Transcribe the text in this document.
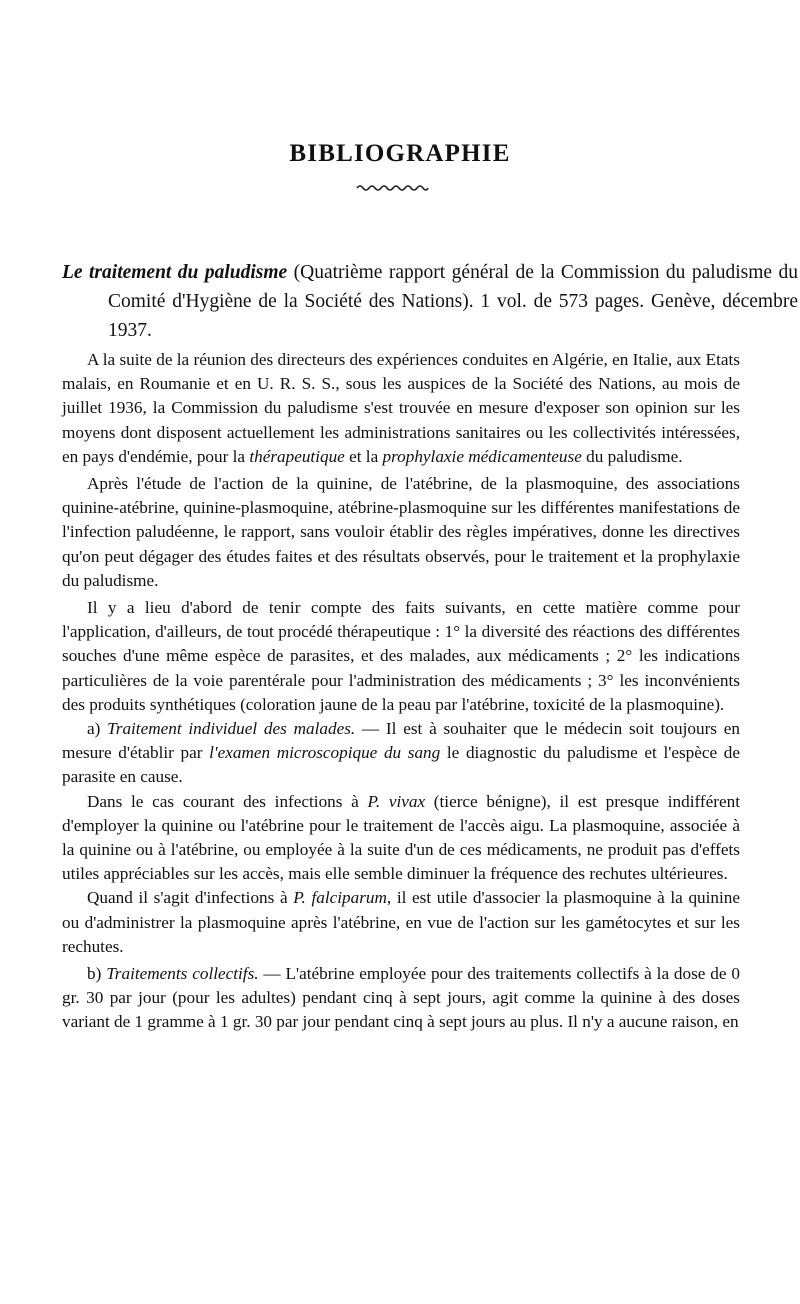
BIBLIOGRAPHIE

Le traitement du paludisme (Quatrième rapport général de la Commission du paludisme du Comité d'Hygiène de la Société des Nations). 1 vol. de 573 pages. Genève, décembre 1937.

A la suite de la réunion des directeurs des expériences conduites en Algérie, en Italie, aux Etats malais, en Roumanie et en U. R. S. S., sous les auspices de la Société des Nations, au mois de juillet 1936, la Commission du paludisme s'est trouvée en mesure d'exposer son opinion sur les moyens dont disposent actuellement les administrations sanitaires ou les collectivités intéressées, en pays d'endémie, pour la thérapeutique et la prophylaxie médicamenteuse du paludisme.

Après l'étude de l'action de la quinine, de l'atébrine, de la plasmoquine, des associations quinine-atébrine, quinine-plasmoquine, atébrine-plasmoquine sur les différentes manifestations de l'infection paludéenne, le rapport, sans vouloir établir des règles impératives, donne les directives qu'on peut dégager des études faites et des résultats observés, pour le traitement et la prophylaxie du paludisme.

Il y a lieu d'abord de tenir compte des faits suivants, en cette matière comme pour l'application, d'ailleurs, de tout procédé thérapeutique : 1° la diversité des réactions des différentes souches d'une même espèce de parasites, et des malades, aux médicaments ; 2° les indications particulières de la voie parentérale pour l'administration des médicaments ; 3° les inconvénients des produits synthétiques (coloration jaune de la peau par l'atébrine, toxicité de la plasmoquine).

a) Traitement individuel des malades. — Il est à souhaiter que le médecin soit toujours en mesure d'établir par l'examen microscopique du sang le diagnostic du paludisme et l'espèce de parasite en cause.

Dans le cas courant des infections à P. vivax (tierce bénigne), il est presque indifférent d'employer la quinine ou l'atébrine pour le traitement de l'accès aigu. La plasmoquine, associée à la quinine ou à l'atébrine, ou employée à la suite d'un de ces médicaments, ne produit pas d'effets utiles appréciables sur les accès, mais elle semble diminuer la fréquence des rechutes ultérieures.

Quand il s'agit d'infections à P. falciparum, il est utile d'associer la plasmoquine à la quinine ou d'administrer la plasmoquine après l'atébrine, en vue de l'action sur les gamétocytes et sur les rechutes.

b) Traitements collectifs. — L'atébrine employée pour des traitements collectifs à la dose de 0 gr. 30 par jour (pour les adultes) pendant cinq à sept jours, agit comme la quinine à des doses variant de 1 gramme à 1 gr. 30 par jour pendant cinq à sept jours au plus. Il n'y a aucune raison, en
